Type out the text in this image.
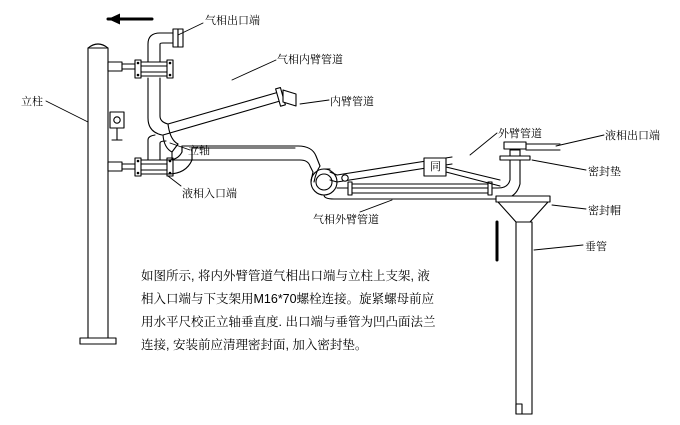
气相出口端
气相内臂管道
内臂管道
立柱
立轴
液相入口端
外臂管道	液相出口端
密封垫
密封帽
垂管
气相外臂管道
同
如图所示, 将内外臂管道气相出口端与立柱上支架, 液
相入口端与下支架用M16*70螺栓连接。旋紧螺母前应
用水平尺校正立轴垂直度. 出口端与垂管为凹凸面法兰
连接, 安装前应清理密封面, 加入密封垫。
